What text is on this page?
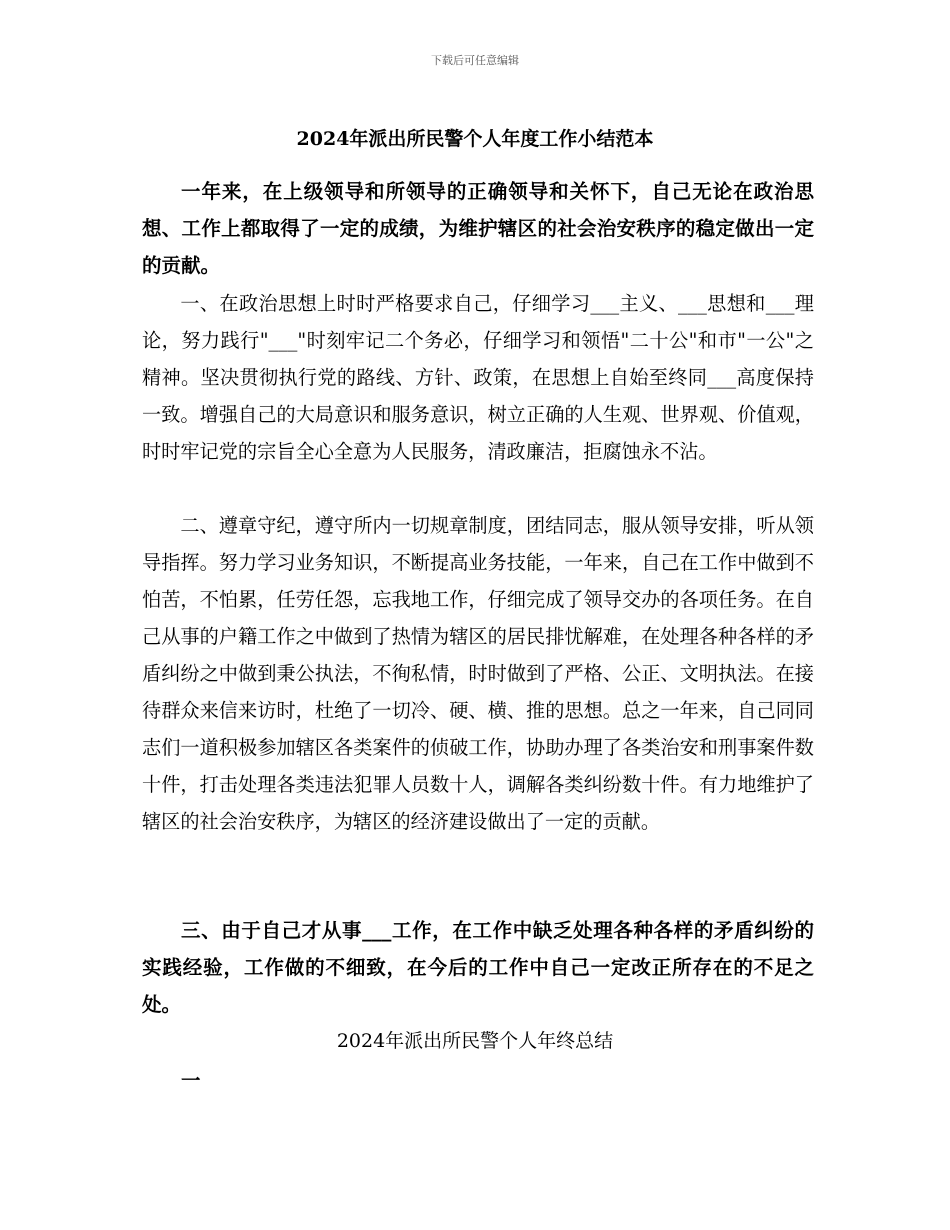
下载后可任意编辑
2024年派出所民警个人年度工作小结范本

一年来，在上级领导和所领导的正确领导和关怀下，自己无论在政治思想、工作上都取得了一定的成绩，为维护辖区的社会治安秩序的稳定做出一定的贡献。

一、在政治思想上时时严格要求自己，仔细学习___主义、___思想和___理论，努力践行"___"时刻牢记二个务必，仔细学习和领悟"二十公"和市"一公"之精神。坚决贯彻执行党的路线、方针、政策，在思想上自始至终同___高度保持一致。增强自己的大局意识和服务意识，树立正确的人生观、世界观、价值观，时时牢记党的宗旨全心全意为人民服务，清政廉洁，拒腐蚀永不沾。

二、遵章守纪，遵守所内一切规章制度，团结同志，服从领导安排，听从领导指挥。努力学习业务知识，不断提高业务技能，一年来，自己在工作中做到不怕苦，不怕累，任劳任怨，忘我地工作，仔细完成了领导交办的各项任务。在自己从事的户籍工作之中做到了热情为辖区的居民排忧解难，在处理各种各样的矛盾纠纷之中做到秉公执法，不徇私情，时时做到了严格、公正、文明执法。在接待群众来信来访时，杜绝了一切冷、硬、横、推的思想。总之一年来，自己同同志们一道积极参加辖区各类案件的侦破工作，协助办理了各类治安和刑事案件数十件，打击处理各类违法犯罪人员数十人，调解各类纠纷数十件。有力地维护了辖区的社会治安秩序，为辖区的经济建设做出了一定的贡献。

三、由于自己才从事___工作，在工作中缺乏处理各种各样的矛盾纠纷的实践经验，工作做的不细致，在今后的工作中自己一定改正所存在的不足之处。

2024年派出所民警个人年终总结

一
